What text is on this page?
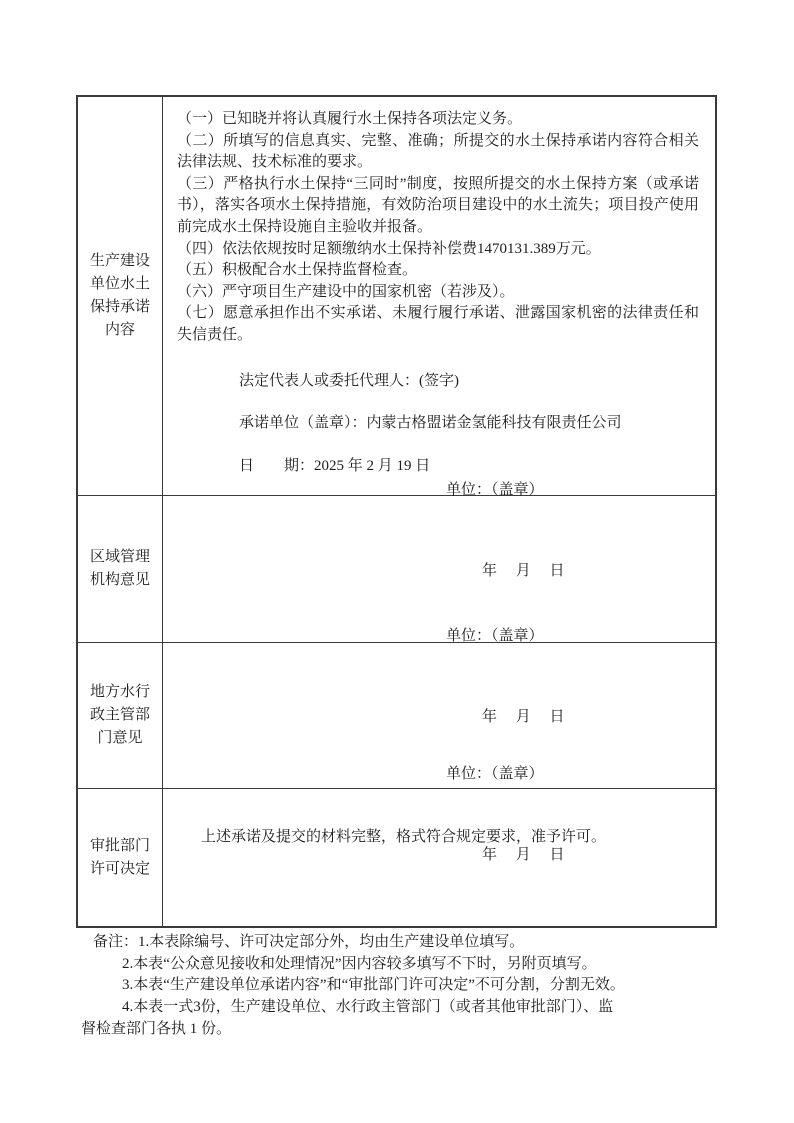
生产建设单位水土保持承诺内容

（一）已知晓并将认真履行水土保持各项法定义务。

（二）所填写的信息真实、完整、准确；所提交的水土保持承诺内容符合相关法律法规、技术标准的要求。

（三）严格执行水土保持“三同时”制度，按照所提交的水土保持方案（或承诺书），落实各项水土保持措施，有效防治项目建设中的水土流失；项目投产使用前完成水土保持设施自主验收并报备。

（四）依法依规按时足额缴纳水土保持补偿费1470131.389万元。

（五）积极配合水土保持监督检查。

（六）严守项目生产建设中的国家机密（若涉及）。

（七）愿意承担作出不实承诺、未履行履行承诺、泄露国家机密的法律责任和失信责任。

法定代表人或委托代理人：(签字)

承诺单位（盖章）：内蒙古格盟诺金氢能科技有限责任公司

日　　期：2025 年 2 月 19 日

区域管理机构意见

单位：（盖章）

年　 月　 日

地方水行政主管部门意见

单位：（盖章）

年　 月　 日

审批部门许可决定

上述承诺及提交的材料完整，格式符合规定要求，准予许可。

单位：（盖章）

年　 月　 日

备注：1.本表除编号、许可决定部分外，均由生产建设单位填写。

2.本表“公众意见接收和处理情况”因内容较多填写不下时，另附页填写。

3.本表“生产建设单位承诺内容”和“审批部门许可决定”不可分割，分割无效。

4.本表一式3份，生产建设单位、水行政主管部门（或者其他审批部门）、监

督检查部门各执 1 份。
